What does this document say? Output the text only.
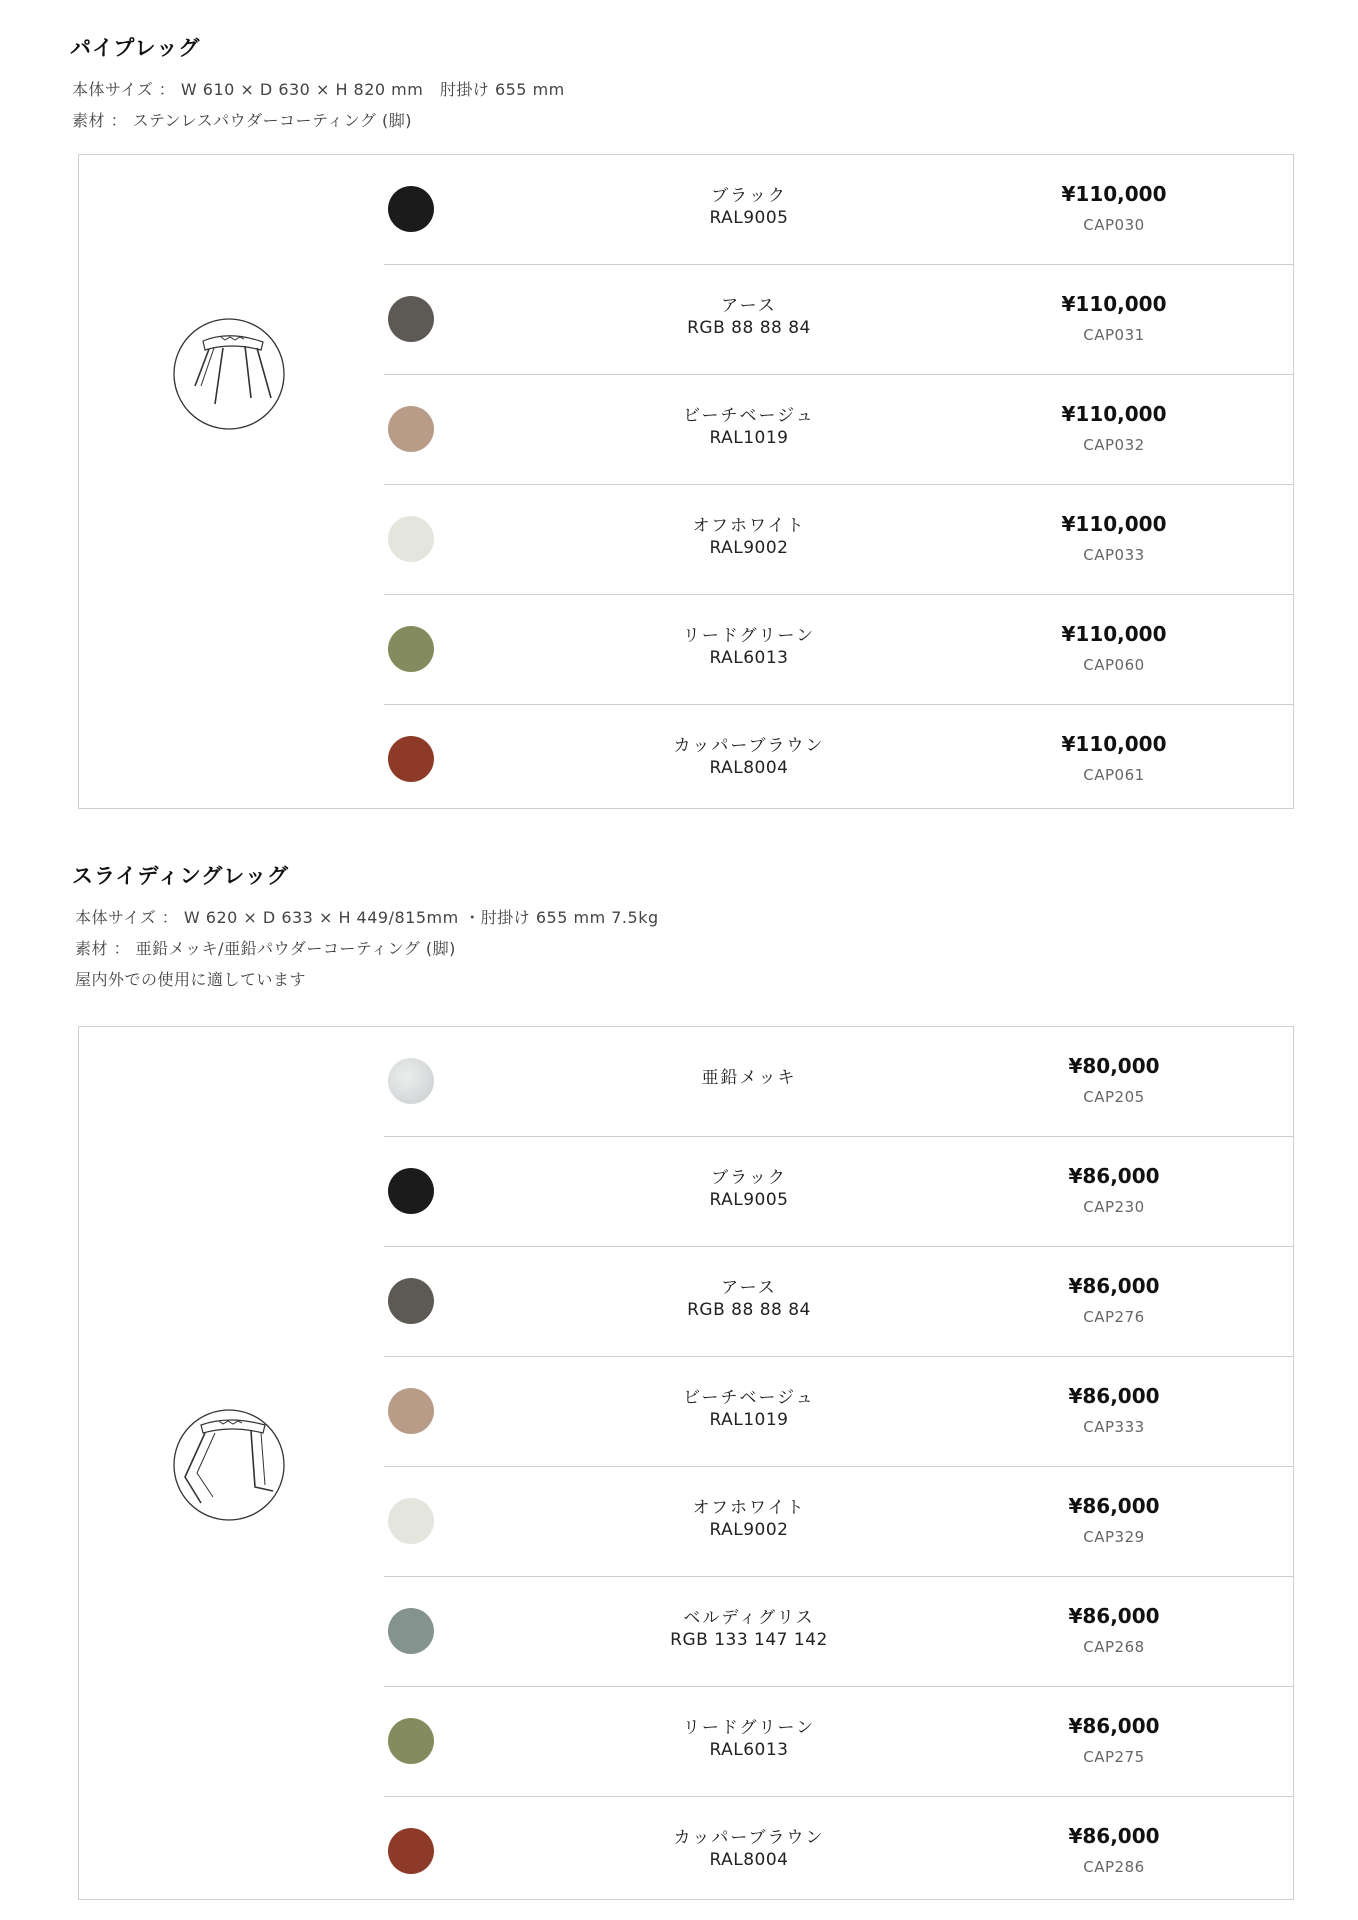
パイプレッグ
本体サイズ ： W 610 × D 630 × H 820 mm　肘掛け 655 mm
素材 ： ステンレスパウダーコーティング (脚)
ブラック
RAL9005
¥110,000
CAP030
アース
RGB 88 88 84
¥110,000
CAP031
ビーチベージュ
RAL1019
¥110,000
CAP032
オフホワイト
RAL9002
¥110,000
CAP033
リードグリーン
RAL6013
¥110,000
CAP060
カッパーブラウン
RAL8004
¥110,000
CAP061
スライディングレッグ
本体サイズ ： W 620 × D 633 × H 449/815mm ・肘掛け 655 mm 7.5kg
素材 ： 亜鉛メッキ/亜鉛パウダーコーティング (脚)
屋内外での使用に適しています
亜鉛メッキ	¥80,000
CAP205
ブラック
RAL9005
¥86,000
CAP230
アース
RGB 88 88 84
¥86,000
CAP276
ビーチベージュ
RAL1019
¥86,000
CAP333
オフホワイト
RAL9002
¥86,000
CAP329
ベルディグリス
RGB 133 147 142
¥86,000
CAP268
リードグリーン
RAL6013
¥86,000
CAP275
カッパーブラウン
RAL8004
¥86,000
CAP286
